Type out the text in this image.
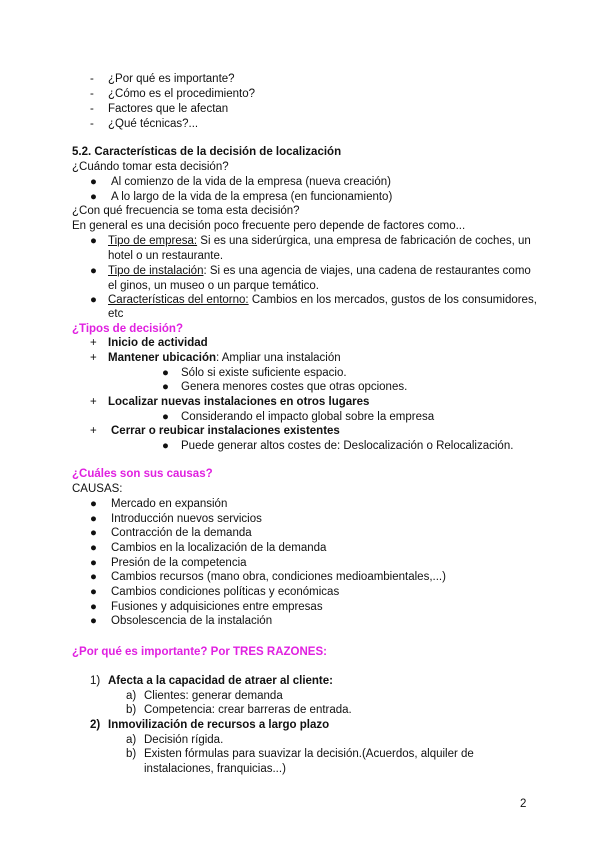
- ¿Por qué es importante?
- ¿Cómo es el procedimiento?
- Factores que le afectan
- ¿Qué técnicas?...
5.2. Características de la decisión de localización
¿Cuándo tomar esta decisión?
● Al comienzo de la vida de la empresa (nueva creación)
● A lo largo de la vida de la empresa (en funcionamiento)
¿Con qué frecuencia se toma esta decisión?
En general es una decisión poco frecuente pero depende de factores como...
● Tipo de empresa: Si es una siderúrgica, una empresa de fabricación de coches, un
hotel o un restaurante.
● Tipo de instalación: Si es una agencia de viajes, una cadena de restaurantes como
el ginos, un museo o un parque temático.
● Características del entorno: Cambios en los mercados, gustos de los consumidores,
etc
¿Tipos de decisión?
+ Inicio de actividad
+ Mantener ubicación: Ampliar una instalación
● Sólo si existe suficiente espacio.
● Genera menores costes que otras opciones.
+ Localizar nuevas instalaciones en otros lugares
● Considerando el impacto global sobre la empresa
+ Cerrar o reubicar instalaciones existentes
● Puede generar altos costes de: Deslocalización o Relocalización.
¿Cuáles son sus causas?
CAUSAS:
● Mercado en expansión
● Introducción nuevos servicios
● Contracción de la demanda
● Cambios en la localización de la demanda
● Presión de la competencia
● Cambios recursos (mano obra, condiciones medioambientales,...)
● Cambios condiciones políticas y económicas
● Fusiones y adquisiciones entre empresas
● Obsolescencia de la instalación
¿Por qué es importante? Por TRES RAZONES:
1) Afecta a la capacidad de atraer al cliente:
a) Clientes: generar demanda
b) Competencia: crear barreras de entrada.
2) Inmovilización de recursos a largo plazo
a) Decisión rígida.
b) Existen fórmulas para suavizar la decisión.(Acuerdos, alquiler de
instalaciones, franquicias...)
2
